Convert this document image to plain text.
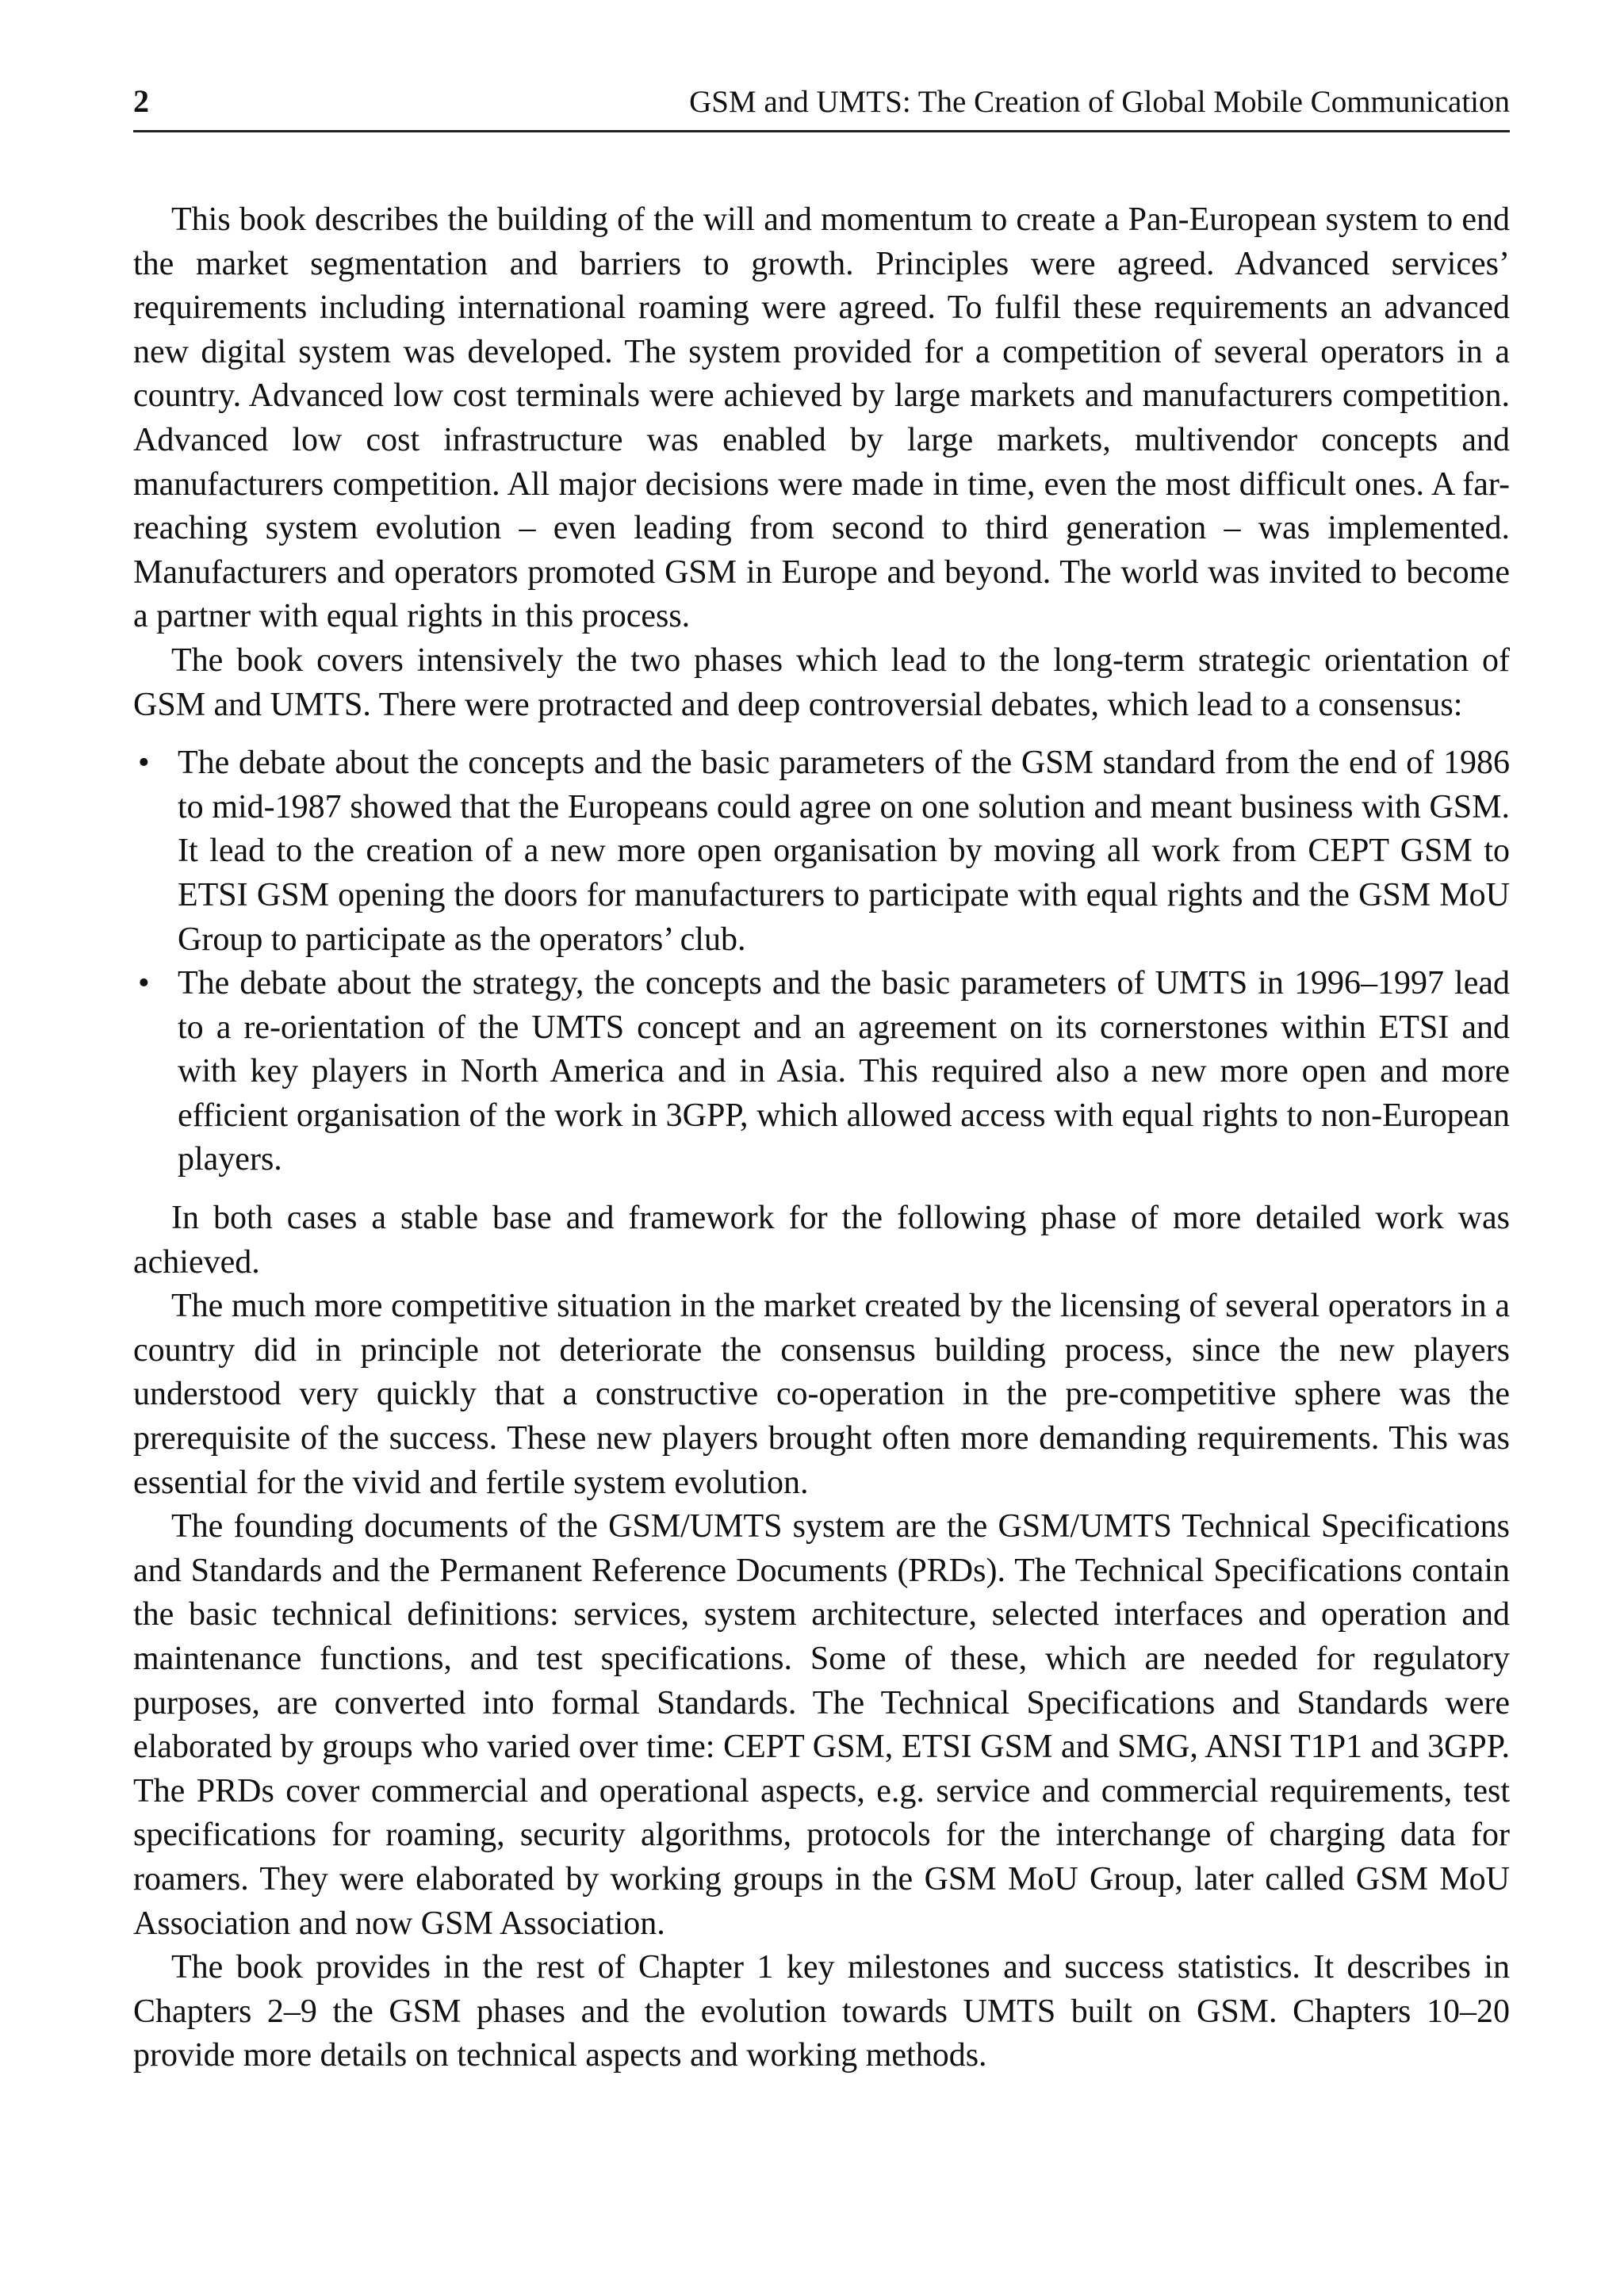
2	GSM and UMTS: The Creation of Global Mobile Communication

This book describes the building of the will and momentum to create a Pan-European system to end the market segmentation and barriers to growth. Principles were agreed. Advanced services’ requirements including international roaming were agreed. To fulfil these requirements an advanced new digital system was developed. The system provided for a competition of several operators in a country. Advanced low cost terminals were achieved by large markets and manufacturers competition. Advanced low cost infrastructure was enabled by large markets, multivendor concepts and manufacturers competition. All major decisions were made in time, even the most difficult ones. A far-reaching system evolution – even leading from second to third generation – was implemented. Manufacturers and operators promoted GSM in Europe and beyond. The world was invited to become a partner with equal rights in this process.

The book covers intensively the two phases which lead to the long-term strategic orientation of GSM and UMTS. There were protracted and deep controversial debates, which lead to a consensus:

• The debate about the concepts and the basic parameters of the GSM standard from the end of 1986 to mid-1987 showed that the Europeans could agree on one solution and meant business with GSM. It lead to the creation of a new more open organisation by moving all work from CEPT GSM to ETSI GSM opening the doors for manufacturers to participate with equal rights and the GSM MoU Group to participate as the operators’ club.
• The debate about the strategy, the concepts and the basic parameters of UMTS in 1996–1997 lead to a re-orientation of the UMTS concept and an agreement on its cornerstones within ETSI and with key players in North America and in Asia. This required also a new more open and more efficient organisation of the work in 3GPP, which allowed access with equal rights to non-European players.

In both cases a stable base and framework for the following phase of more detailed work was achieved.

The much more competitive situation in the market created by the licensing of several operators in a country did in principle not deteriorate the consensus building process, since the new players understood very quickly that a constructive co-operation in the pre-competitive sphere was the prerequisite of the success. These new players brought often more demanding requirements. This was essential for the vivid and fertile system evolution.

The founding documents of the GSM/UMTS system are the GSM/UMTS Technical Specifications and Standards and the Permanent Reference Documents (PRDs). The Technical Specifications contain the basic technical definitions: services, system architecture, selected interfaces and operation and maintenance functions, and test specifications. Some of these, which are needed for regulatory purposes, are converted into formal Standards. The Technical Specifications and Standards were elaborated by groups who varied over time: CEPT GSM, ETSI GSM and SMG, ANSI T1P1 and 3GPP. The PRDs cover commercial and operational aspects, e.g. service and commercial requirements, test specifications for roaming, security algorithms, protocols for the interchange of charging data for roamers. They were elaborated by working groups in the GSM MoU Group, later called GSM MoU Association and now GSM Association.

The book provides in the rest of Chapter 1 key milestones and success statistics. It describes in Chapters 2–9 the GSM phases and the evolution towards UMTS built on GSM. Chapters 10–20 provide more details on technical aspects and working methods.
